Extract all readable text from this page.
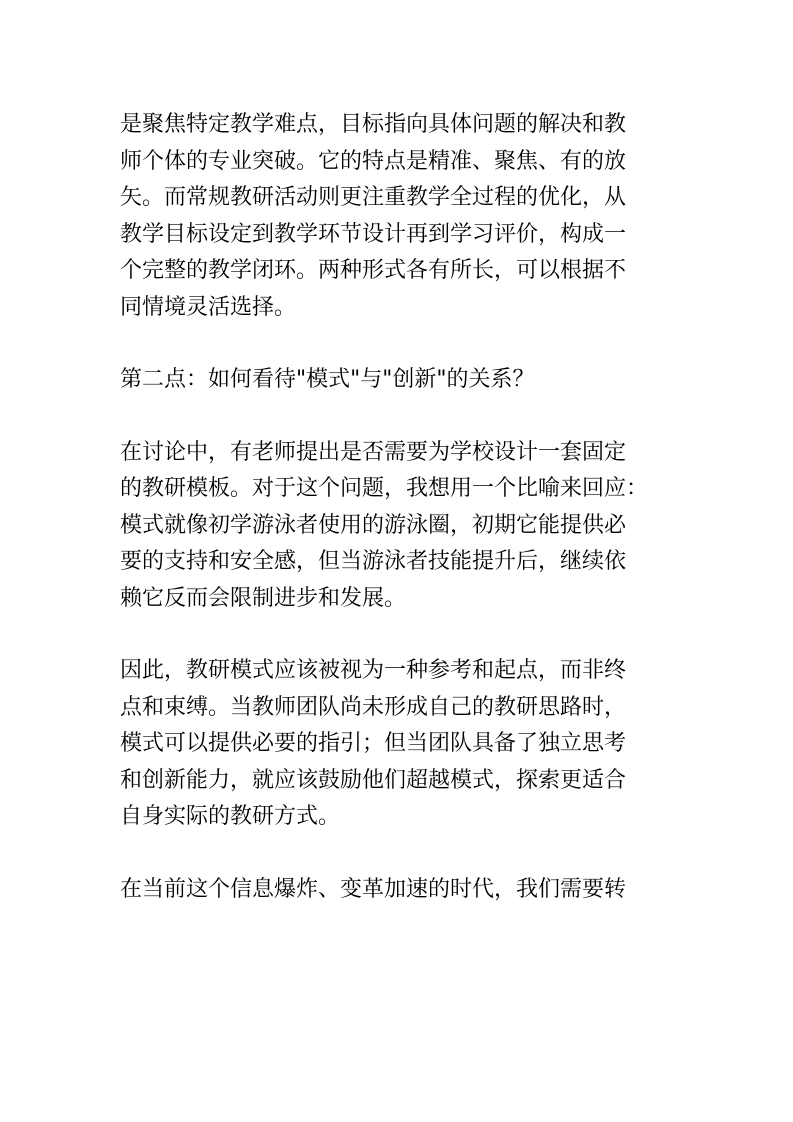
是聚焦特定教学难点，目标指向具体问题的解决和教
师个体的专业突破。它的特点是精准、聚焦、有的放
矢。而常规教研活动则更注重教学全过程的优化，从
教学目标设定到教学环节设计再到学习评价，构成一
个完整的教学闭环。两种形式各有所长，可以根据不
同情境灵活选择。

第二点：如何看待"模式"与"创新"的关系？

在讨论中，有老师提出是否需要为学校设计一套固定
的教研模板。对于这个问题，我想用一个比喻来回应：
模式就像初学游泳者使用的游泳圈，初期它能提供必
要的支持和安全感，但当游泳者技能提升后，继续依
赖它反而会限制进步和发展。

因此，教研模式应该被视为一种参考和起点，而非终
点和束缚。当教师团队尚未形成自己的教研思路时，
模式可以提供必要的指引；但当团队具备了独立思考
和创新能力，就应该鼓励他们超越模式，探索更适合
自身实际的教研方式。

在当前这个信息爆炸、变革加速的时代，我们需要转
